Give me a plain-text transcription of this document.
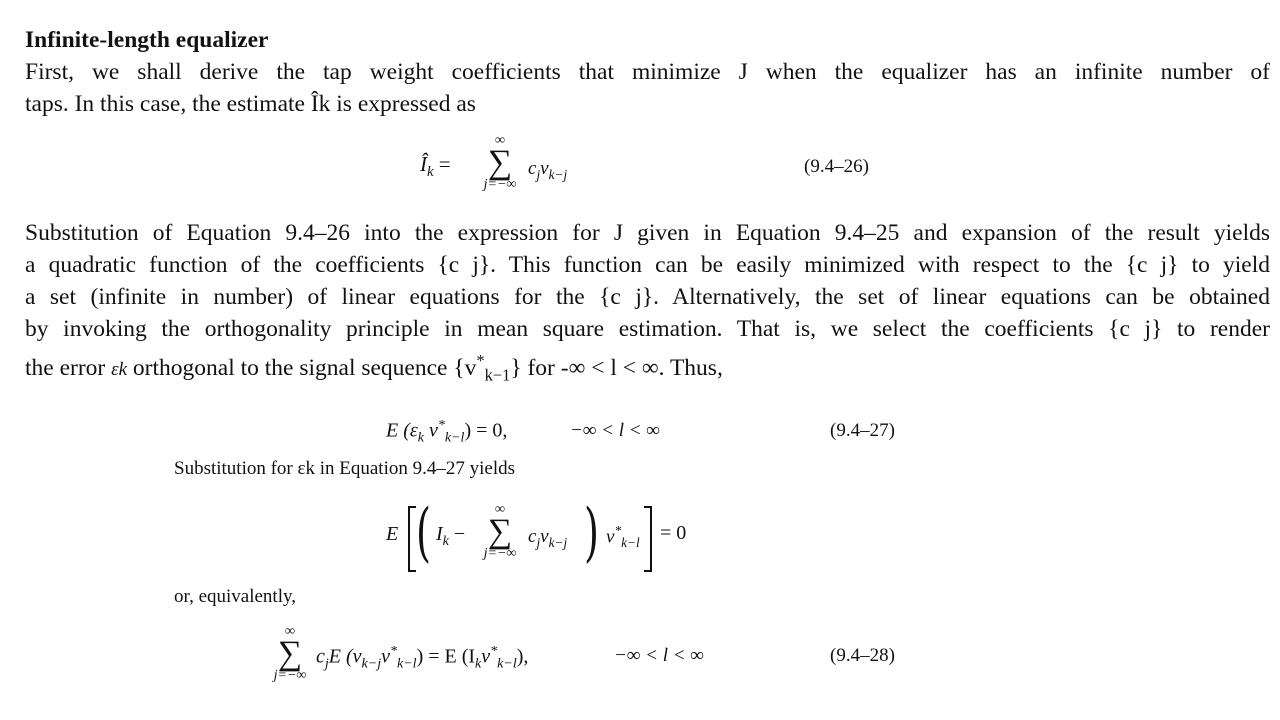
Infinite-length equalizer
First, we shall derive the tap weight coefficients that minimize J when the equalizer has an infinite number of
taps. In this case, the estimate Îk is expressed as
$Î_k$ =
∞
∑
j=−∞
$c_jv_{k-j}$	(9.4–26)
Substitution of Equation 9.4–26 into the expression for J given in Equation 9.4–25 and expansion of the result yields
a quadratic function of the coefficients {c j}. This function can be easily minimized with respect to the {c j} to yield
a set (infinite in number) of linear equations for the {c j}. Alternatively, the set of linear equations can be obtained
by invoking the orthogonality principle in mean square estimation. That is, we select the coefficients {c j} to render
the error εk orthogonal to the signal sequence $\{v^*_{k-1}\}$ for -∞ < l < ∞. Thus,
E ($\varepsilon_k$ $v^*_{k-l}) = 0$,	−∞ < l < ∞	(9.4–27)
Substitution for εk in Equation 9.4–27 yields
E ( $I_k$ −
∞
∑
j=−∞
$c_jv_{k-j}$ ) $v^*_{k-l} = 0$
or, equivalently,
∞
∑
j=−∞
$c_jE$ $(v_{k-j}v^*_{k-l}) = E$ $(I_kv^*_{k-l})$,	−∞ < l < ∞	(9.4–28)
